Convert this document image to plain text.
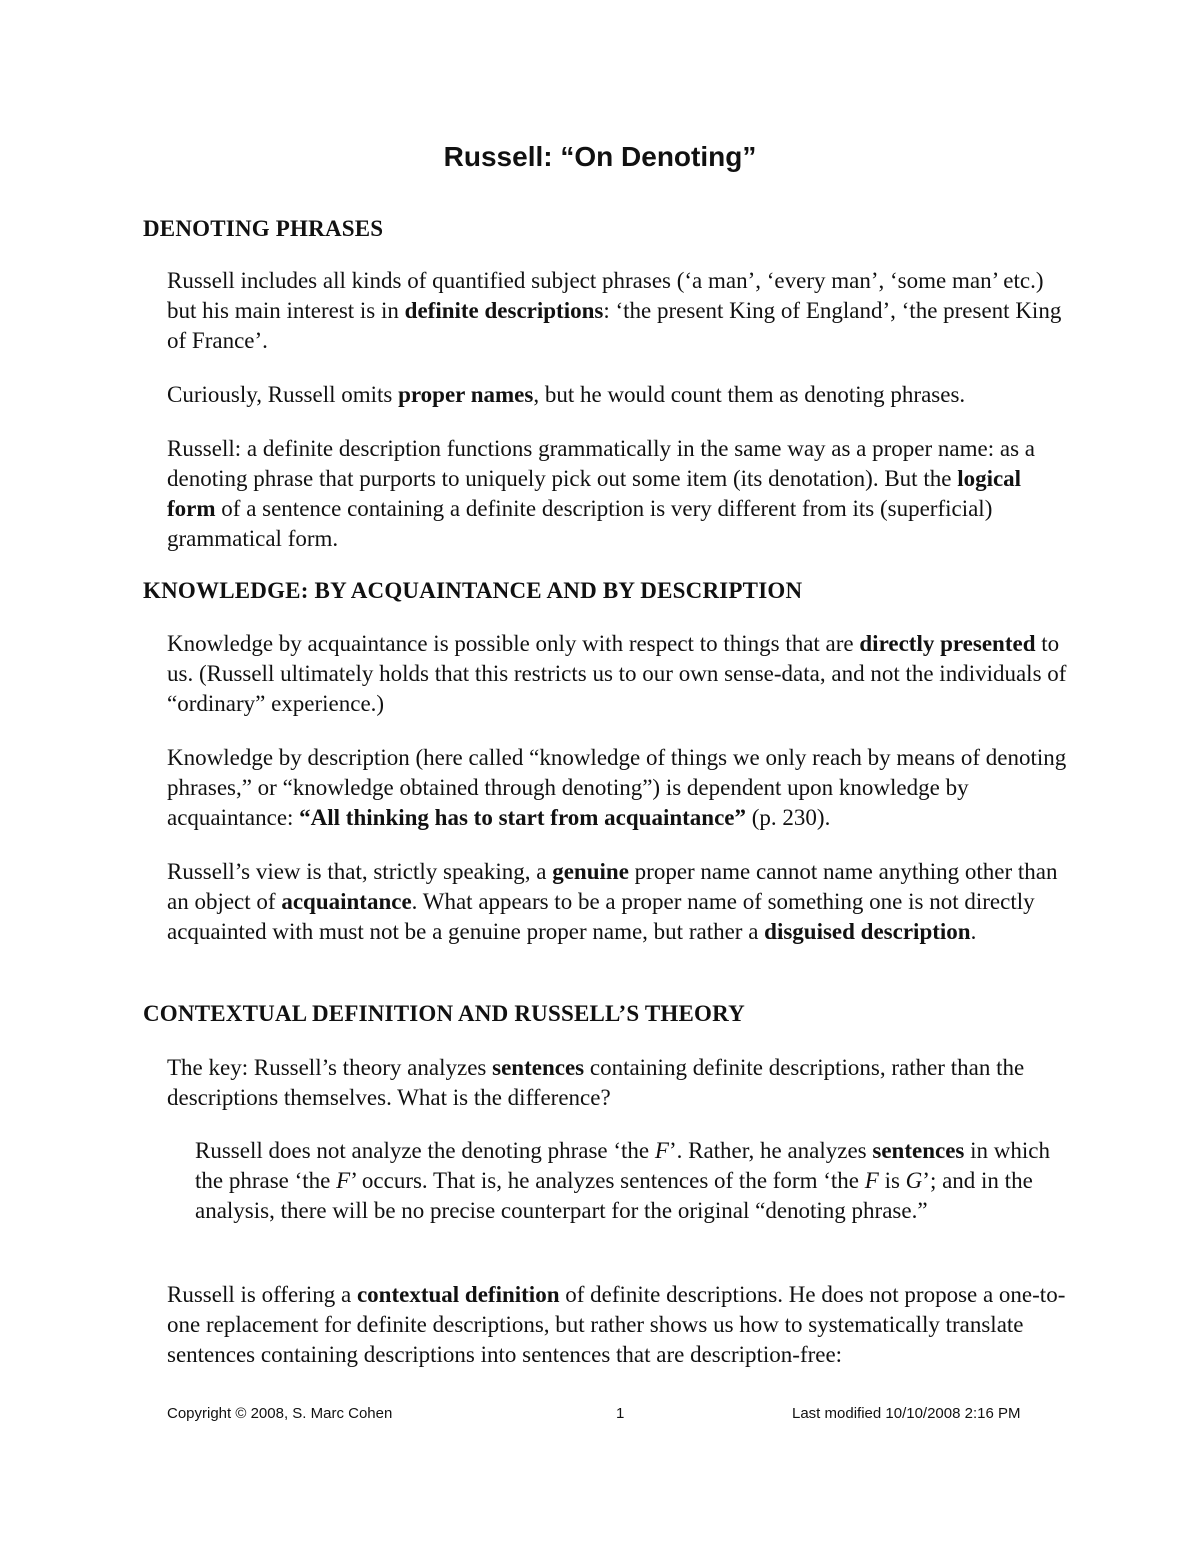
Russell: “On Denoting”
DENOTING PHRASES

Russell includes all kinds of quantified subject phrases (‘a man’, ‘every man’, ‘some man’ etc.) but his main interest is in definite descriptions: ‘the present King of England’, ‘the present King of France’.

Curiously, Russell omits proper names, but he would count them as denoting phrases.

Russell: a definite description functions grammatically in the same way as a proper name: as a denoting phrase that purports to uniquely pick out some item (its denotation). But the logical form of a sentence containing a definite description is very different from its (superficial) grammatical form.

KNOWLEDGE: BY ACQUAINTANCE AND BY DESCRIPTION

Knowledge by acquaintance is possible only with respect to things that are directly presented to us. (Russell ultimately holds that this restricts us to our own sense-data, and not the individuals of “ordinary” experience.)

Knowledge by description (here called “knowledge of things we only reach by means of denoting phrases,” or “knowledge obtained through denoting”) is dependent upon knowledge by acquaintance: “All thinking has to start from acquaintance” (p. 230).

Russell’s view is that, strictly speaking, a genuine proper name cannot name anything other than an object of acquaintance. What appears to be a proper name of something one is not directly acquainted with must not be a genuine proper name, but rather a disguised description.

CONTEXTUAL DEFINITION AND RUSSELL’S THEORY

The key: Russell’s theory analyzes sentences containing definite descriptions, rather than the descriptions themselves. What is the difference?

Russell does not analyze the denoting phrase ‘the F’. Rather, he analyzes sentences in which the phrase ‘the F’ occurs. That is, he analyzes sentences of the form ‘the F is G’; and in the analysis, there will be no precise counterpart for the original “denoting phrase.”

Russell is offering a contextual definition of definite descriptions. He does not propose a one-to-one replacement for definite descriptions, but rather shows us how to systematically translate sentences containing descriptions into sentences that are description-free:

Copyright © 2008, S. Marc Cohen	1	Last modified 10/10/2008 2:16 PM
